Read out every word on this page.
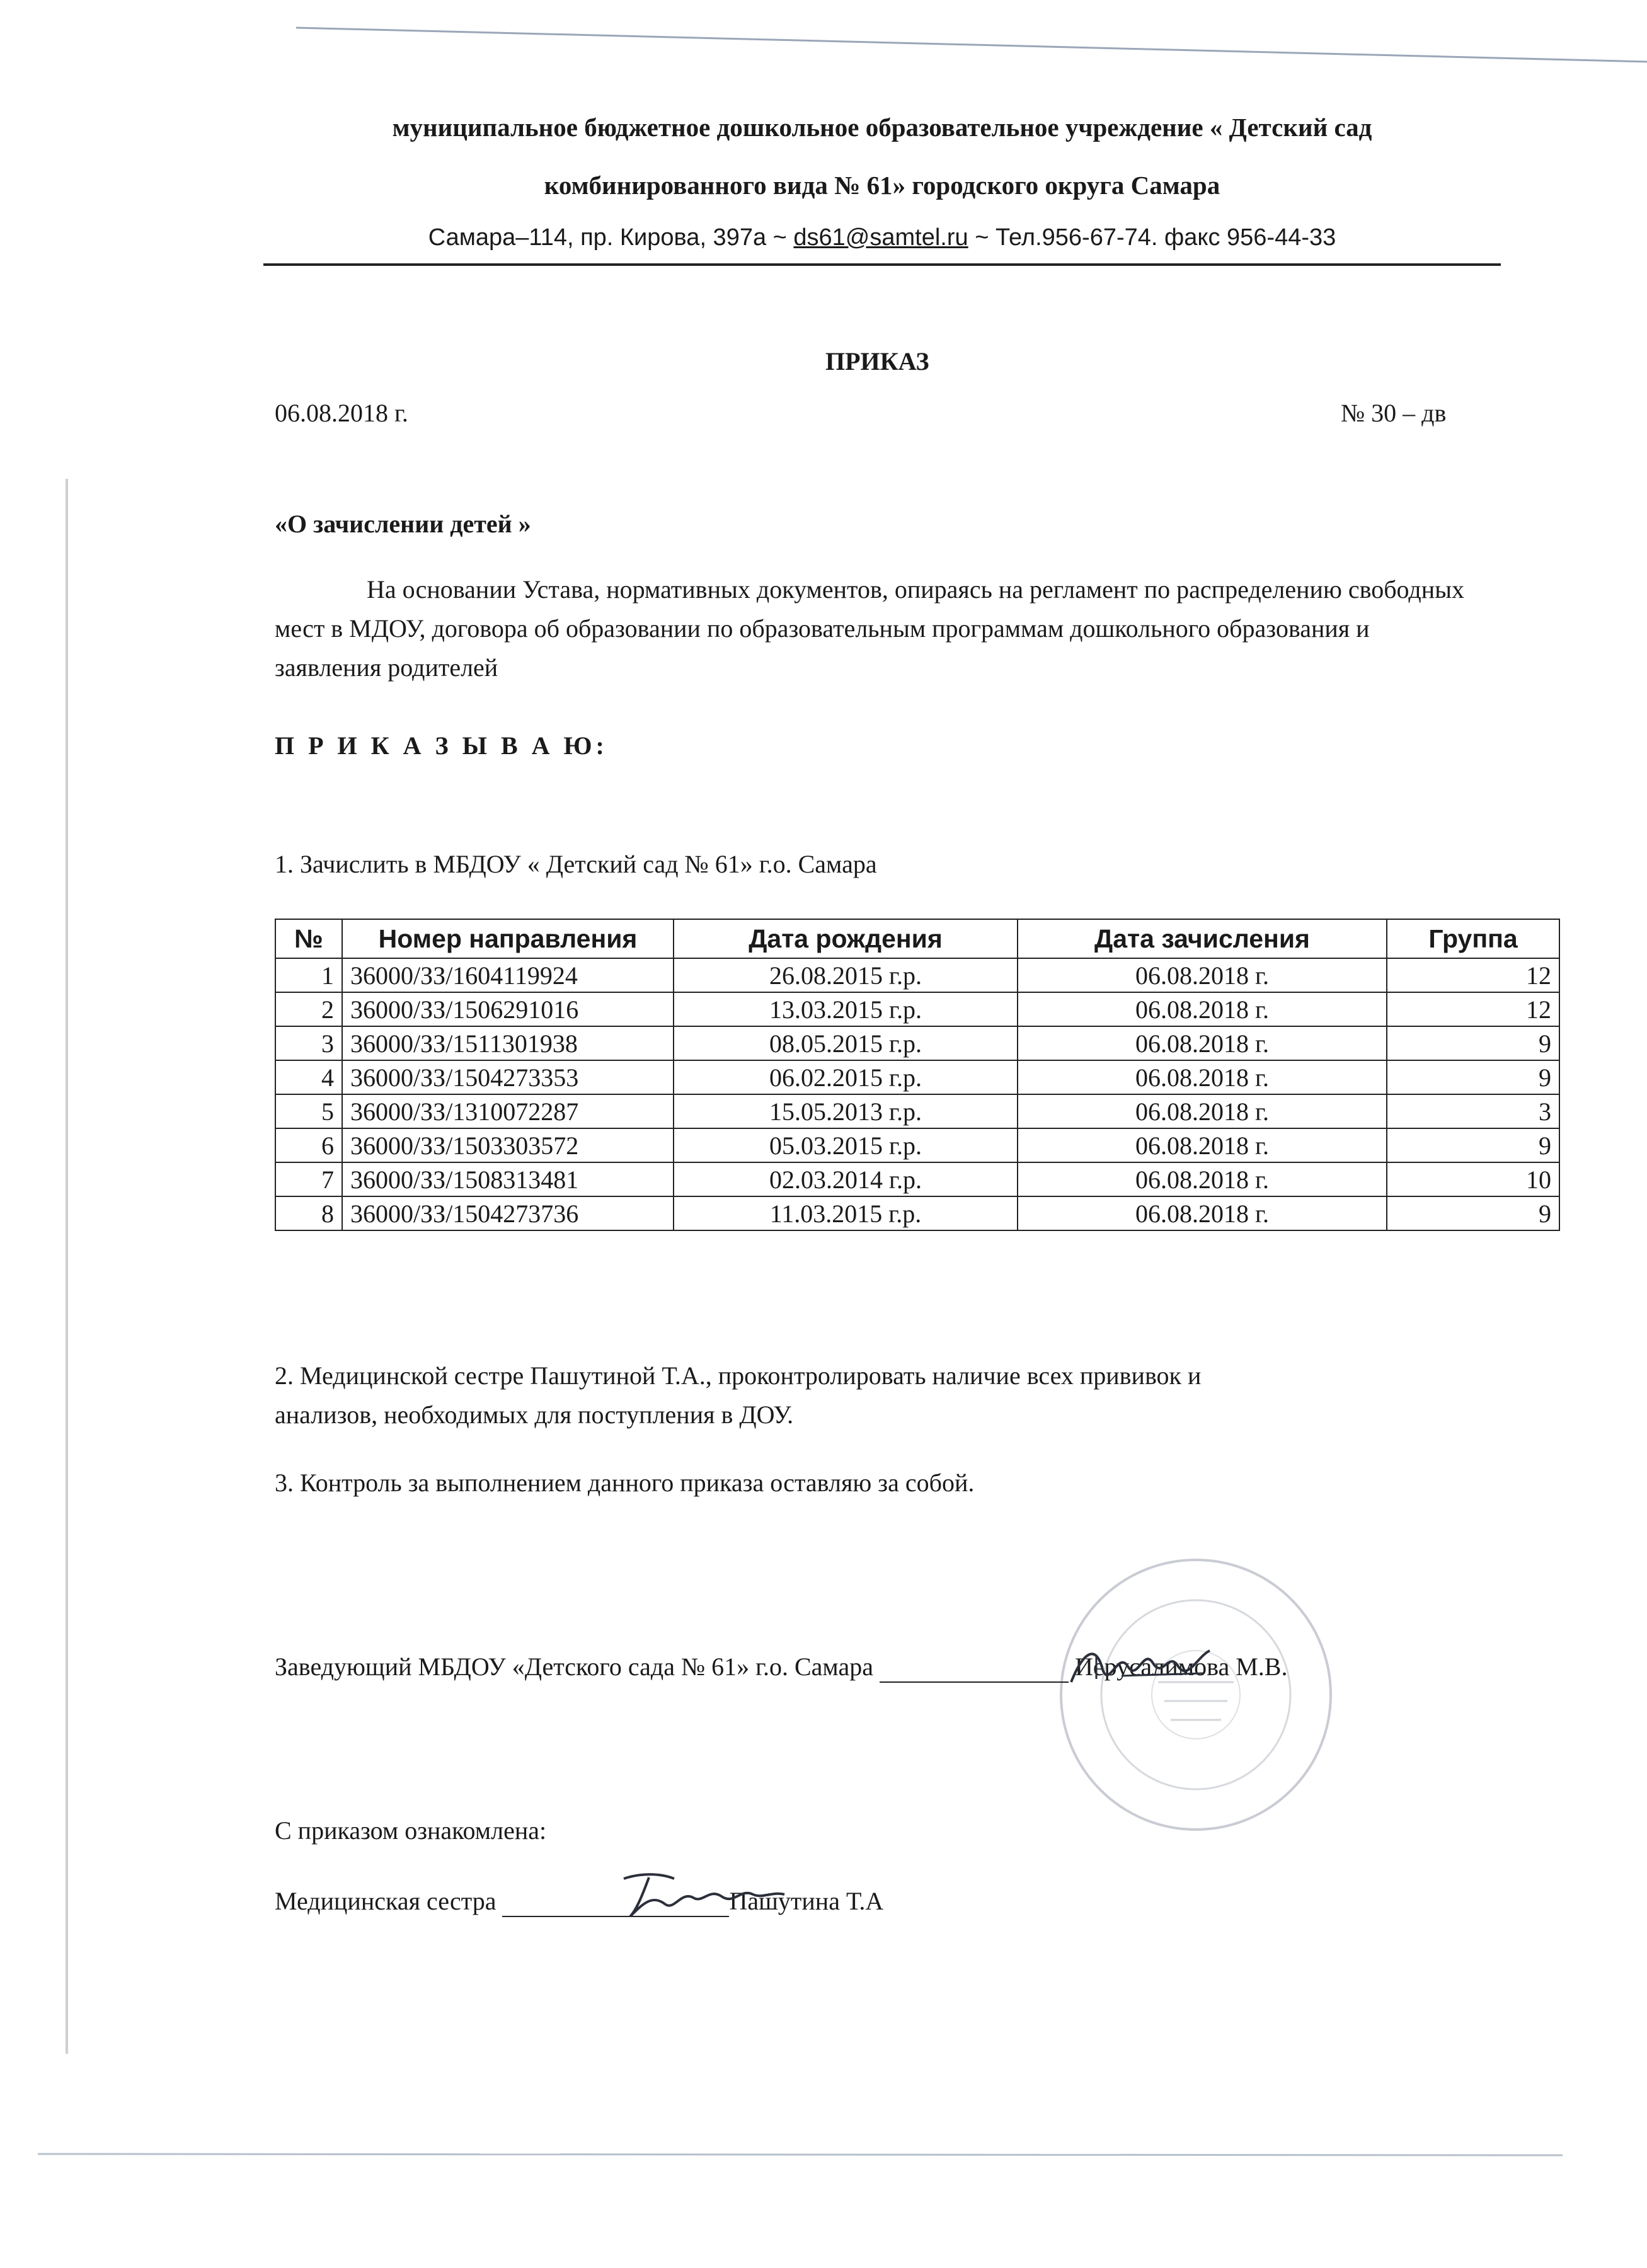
муниципальное бюджетное дошкольное образовательное учреждение « Детский сад
комбинированного вида № 61» городского округа Самара
Самара–114, пр. Кирова, 397а ~ ds61@samtel.ru ~ Тел.956-67-74. факс 956-44-33
ПРИКАЗ
06.08.2018 г.	№ 30 – дв
«О зачислении детей »
На основании Устава, нормативных документов, опираясь на регламент по распределению свободных мест в МДОУ, договора об образовании по образовательным программам дошкольного образования и заявления родителей
П Р И К А З Ы В А Ю:
1. Зачислить в МБДОУ « Детский сад № 61» г.о. Самара
№	Номер направления	Дата рождения	Дата зачисления	Группа
1	36000/ЗЗ/1604119924	26.08.2015 г.р.	06.08.2018 г.	12
2	36000/ЗЗ/1506291016	13.03.2015 г.р.	06.08.2018 г.	12
3	36000/ЗЗ/1511301938	08.05.2015 г.р.	06.08.2018 г.	9
4	36000/ЗЗ/1504273353	06.02.2015 г.р.	06.08.2018 г.	9
5	36000/ЗЗ/1310072287	15.05.2013 г.р.	06.08.2018 г.	3
6	36000/ЗЗ/1503303572	05.03.2015 г.р.	06.08.2018 г.	9
7	36000/ЗЗ/1508313481	02.03.2014 г.р.	06.08.2018 г.	10
8	36000/ЗЗ/1504273736	11.03.2015 г.р.	06.08.2018 г.	9
2. Медицинской сестре Пашутиной Т.А., проконтролировать наличие всех прививок и
анализов, необходимых для поступления в ДОУ.
3. Контроль за выполнением данного приказа оставляю за собой.
Заведующий МБДОУ «Детского сада № 61» г.о. Самара	Иерусалимова М.В.
С приказом ознакомлена:
Медицинская сестра	Пашутина Т.А
